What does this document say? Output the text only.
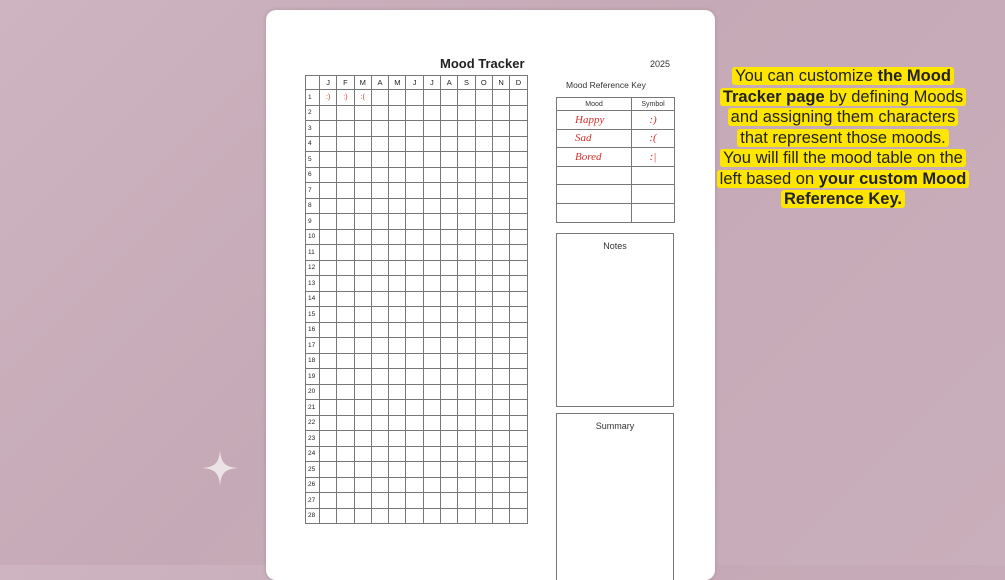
Mood Tracker	2025
	J	F	M	A	M	J	J	A	S	O	N	D
1	:)	:)	:(									
2												
3												
4												
5												
6												
7												
8												
9												
10												
11												
12												
13												
14												
15												
16												
17												
18												
19												
20												
21												
22												
23												
24												
25												
26												
27												
28												
Mood Reference Key
Mood	Symbol
Happy	:)
Sad	:(
Bored	:|

Notes
Summary
You can customize the Mood Tracker page by defining Moods and assigning them characters that represent those moods.
You will fill the mood table on the left based on your custom Mood Reference Key.
